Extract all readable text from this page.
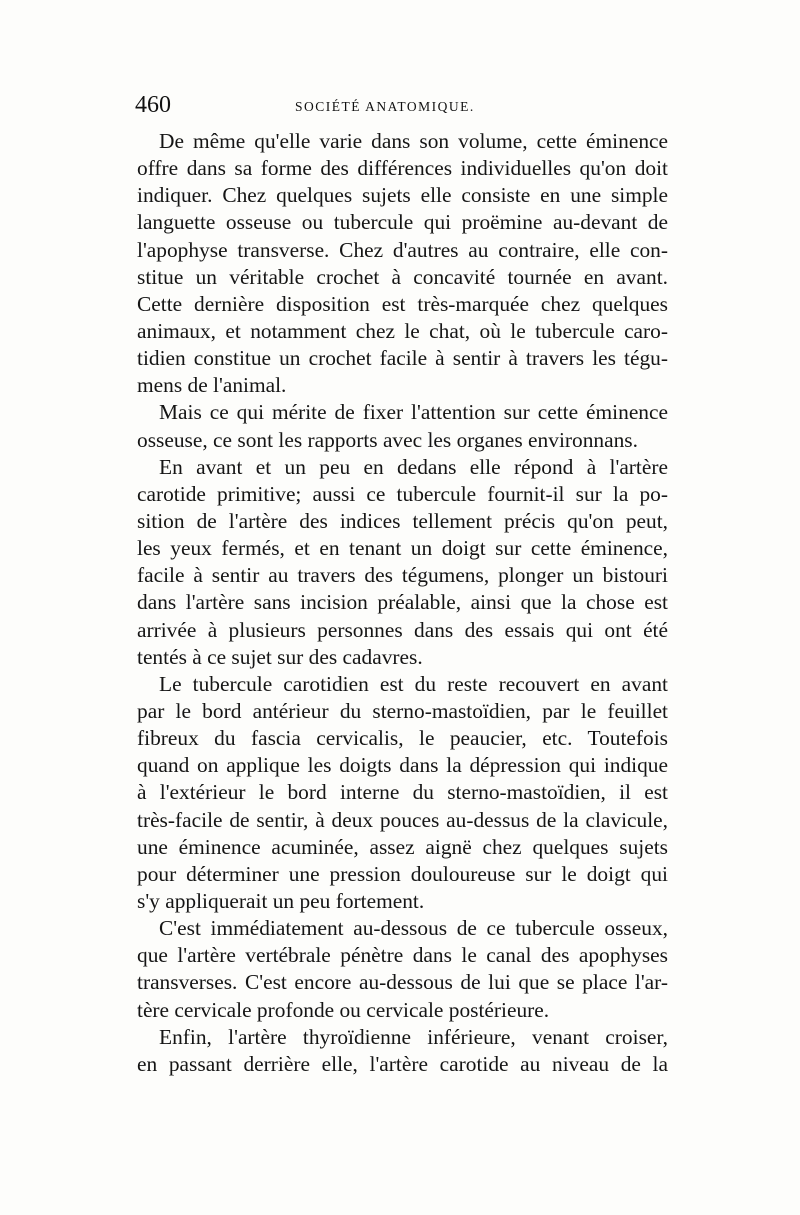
460	SOCIÉTÉ ANATOMIQUE.
De même qu'elle varie dans son volume, cette éminence
offre dans sa forme des différences individuelles qu'on doit
indiquer. Chez quelques sujets elle consiste en une simple
languette osseuse ou tubercule qui proëmine au-devant de
l'apophyse transverse. Chez d'autres au contraire, elle con-
stitue un véritable crochet à concavité tournée en avant.
Cette dernière disposition est très-marquée chez quelques
animaux, et notamment chez le chat, où le tubercule caro-
tidien constitue un crochet facile à sentir à travers les tégu-
mens de l'animal.
Mais ce qui mérite de fixer l'attention sur cette éminence
osseuse, ce sont les rapports avec les organes environnans.
En avant et un peu en dedans elle répond à l'artère
carotide primitive; aussi ce tubercule fournit-il sur la po-
sition de l'artère des indices tellement précis qu'on peut,
les yeux fermés, et en tenant un doigt sur cette éminence,
facile à sentir au travers des tégumens, plonger un bistouri
dans l'artère sans incision préalable, ainsi que la chose est
arrivée à plusieurs personnes dans des essais qui ont été
tentés à ce sujet sur des cadavres.
Le tubercule carotidien est du reste recouvert en avant
par le bord antérieur du sterno-mastoïdien, par le feuillet
fibreux du fascia cervicalis, le peaucier, etc. Toutefois
quand on applique les doigts dans la dépression qui indique
à l'extérieur le bord interne du sterno-mastoïdien, il est
très-facile de sentir, à deux pouces au-dessus de la clavicule,
une éminence acuminée, assez aignë chez quelques sujets
pour déterminer une pression douloureuse sur le doigt qui
s'y appliquerait un peu fortement.
C'est immédiatement au-dessous de ce tubercule osseux,
que l'artère vertébrale pénètre dans le canal des apophyses
transverses. C'est encore au-dessous de lui que se place l'ar-
tère cervicale profonde ou cervicale postérieure.
Enfin, l'artère thyroïdienne inférieure, venant croiser,
en passant derrière elle, l'artère carotide au niveau de la
